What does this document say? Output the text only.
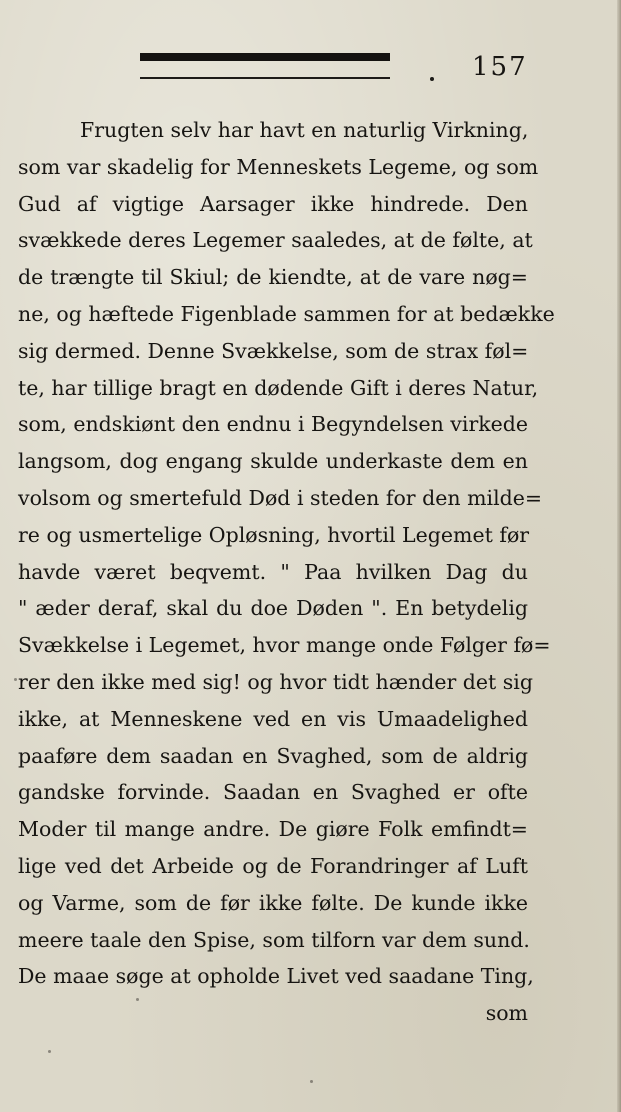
157
Frugten selv har havt en naturlig Virkning,
som var skadelig for Menneskets Legeme, og som
Gud af vigtige Aarsager ikke hindrede. Den
svækkede deres Legemer saaledes, at de følte, at
de trængte til Skiul; de kiendte, at de vare nøg=
ne, og hæftede Figenblade sammen for at bedække
sig dermed. Denne Svækkelse, som de strax føl=
te, har tillige bragt en dødende Gift i deres Natur,
som, endskiønt den endnu i Begyndelsen virkede
langsom, dog engang skulde underkaste dem en
volsom og smertefuld Død i steden for den milde=
re og usmertelige Opløsning, hvortil Legemet før
havde været beqvemt. " Paa hvilken Dag du
" æder deraf, skal du doe Døden ". En betydelig
Svækkelse i Legemet, hvor mange onde Følger fø=
rer den ikke med sig! og hvor tidt hænder det sig
ikke, at Menneskene ved en vis Umaadelighed
paaføre dem saadan en Svaghed, som de aldrig
gandske forvinde. Saadan en Svaghed er ofte
Moder til mange andre. De giøre Folk emfindt=
lige ved det Arbeide og de Forandringer af Luft
og Varme, som de før ikke følte. De kunde ikke
meere taale den Spise, som tilforn var dem sund.
De maae søge at opholde Livet ved saadane Ting,
som
